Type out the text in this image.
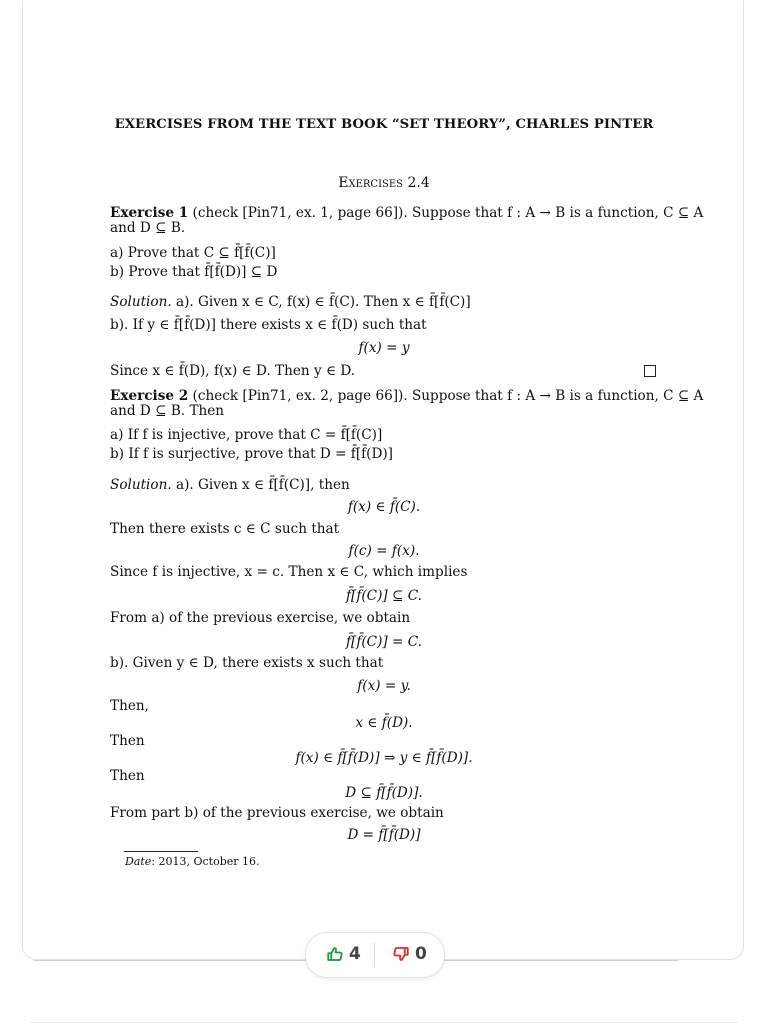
EXERCISES FROM THE TEXT BOOK “SET THEORY”, CHARLES PINTER
Exercises 2.4
Exercise 1 (check [Pin71, ex. 1, page 66]). Suppose that f : A → B is a function, C ⊆ A
and D ⊆ B.
a) Prove that C ⊆ f̄̄[f̄(C)]
b) Prove that f̄[f̄̄(D)] ⊆ D
Solution. a). Given x ∈ C, f(x) ∈ f̄(C). Then x ∈ f̄̄[f̄(C)]
b). If y ∈ f̄[f̄̄(D)] there exists x ∈ f̄̄(D) such that
f(x) = y
Since x ∈ f̄̄(D), f(x) ∈ D. Then y ∈ D.
Exercise 2 (check [Pin71, ex. 2, page 66]). Suppose that f : A → B is a function, C ⊆ A
and D ⊆ B. Then
a) If f is injective, prove that C = f̄̄[f̄(C)]
b) If f is surjective, prove that D = f̄[f̄̄(D)]
Solution. a). Given x ∈ f̄̄[f̄(C)], then
f(x) ∈ f̄(C).
Then there exists c ∈ C such that
f(c) = f(x).
Since f is injective, x = c. Then x ∈ C, which implies
f̄̄[f̄(C)] ⊆ C.
From a) of the previous exercise, we obtain
f̄̄[f̄(C)] = C.
b). Given y ∈ D, there exists x such that
f(x) = y.
Then,
x ∈ f̄̄(D).
Then
f(x) ∈ f̄[f̄̄(D)] ⇒ y ∈ f̄[f̄̄(D)].
Then
D ⊆ f̄[f̄̄(D)].
From part b) of the previous exercise, we obtain
D = f̄[f̄̄(D)]
Date: 2013, October 16.
4	0
